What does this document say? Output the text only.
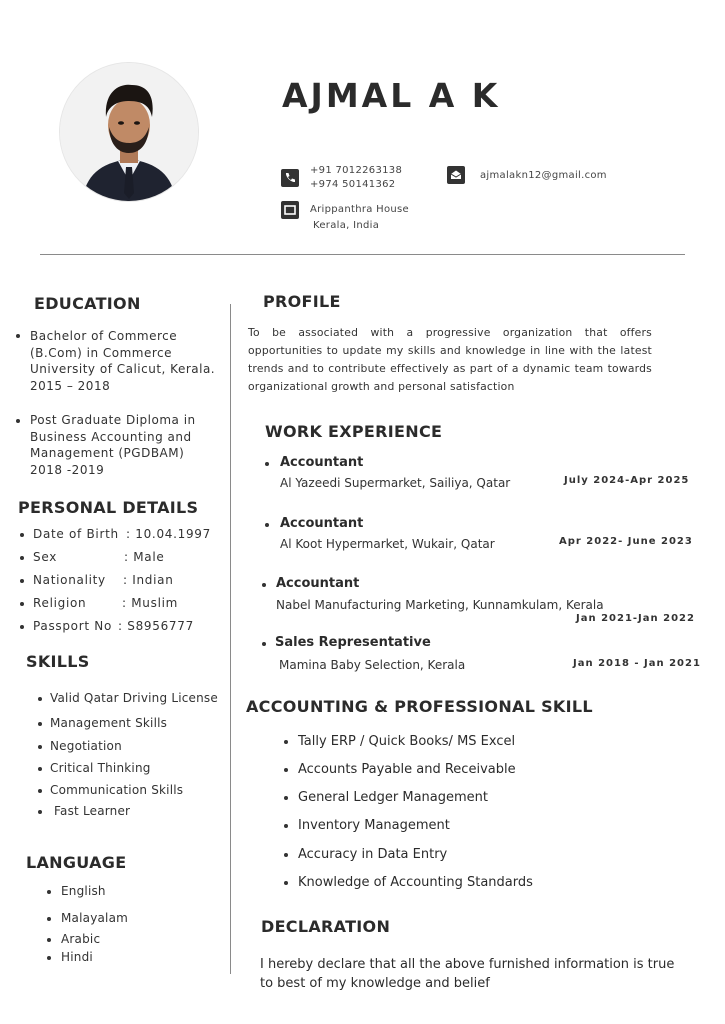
AJMAL A K
+91 7012263138
+974 50141362
ajmalakn12@gmail.com
Arippanthra House
Kerala, India
EDUCATION
Bachelor of Commerce
(B.Com) in Commerce
University of Calicut, Kerala.
2015 – 2018
Post Graduate Diploma in
Business Accounting and
Management (PGDBAM)
2018 -2019
PERSONAL DETAILS
Date of Birth : 10.04.1997
Sex	: Male
Nationality : Indian
Religion	: Muslim
Passport No : S8956777
SKILLS
Valid Qatar Driving License
Management Skills
Negotiation
Critical Thinking
Communication Skills
Fast Learner
LANGUAGE
English
Malayalam
Arabic
Hindi
PROFILE
To be associated with a progressive organization that offers opportunities to update my skills and knowledge in line with the latest trends and to contribute effectively as part of a dynamic team towards organizational growth and personal satisfaction
WORK EXPERIENCE
Accountant
Al Yazeedi Supermarket, Sailiya, Qatar	July 2024-Apr 2025
Accountant
Al Koot Hypermarket, Wukair, Qatar	Apr 2022- June 2023
Accountant
Nabel Manufacturing Marketing, Kunnamkulam, Kerala
Jan 2021-Jan 2022
Sales Representative
Mamina Baby Selection, Kerala	Jan 2018 - Jan 2021
ACCOUNTING & PROFESSIONAL SKILL
Tally ERP / Quick Books/ MS Excel
Accounts Payable and Receivable
General Ledger Management
Inventory Management
Accuracy in Data Entry
Knowledge of Accounting Standards
DECLARATION
I hereby declare that all the above furnished information is true to best of my knowledge and belief
